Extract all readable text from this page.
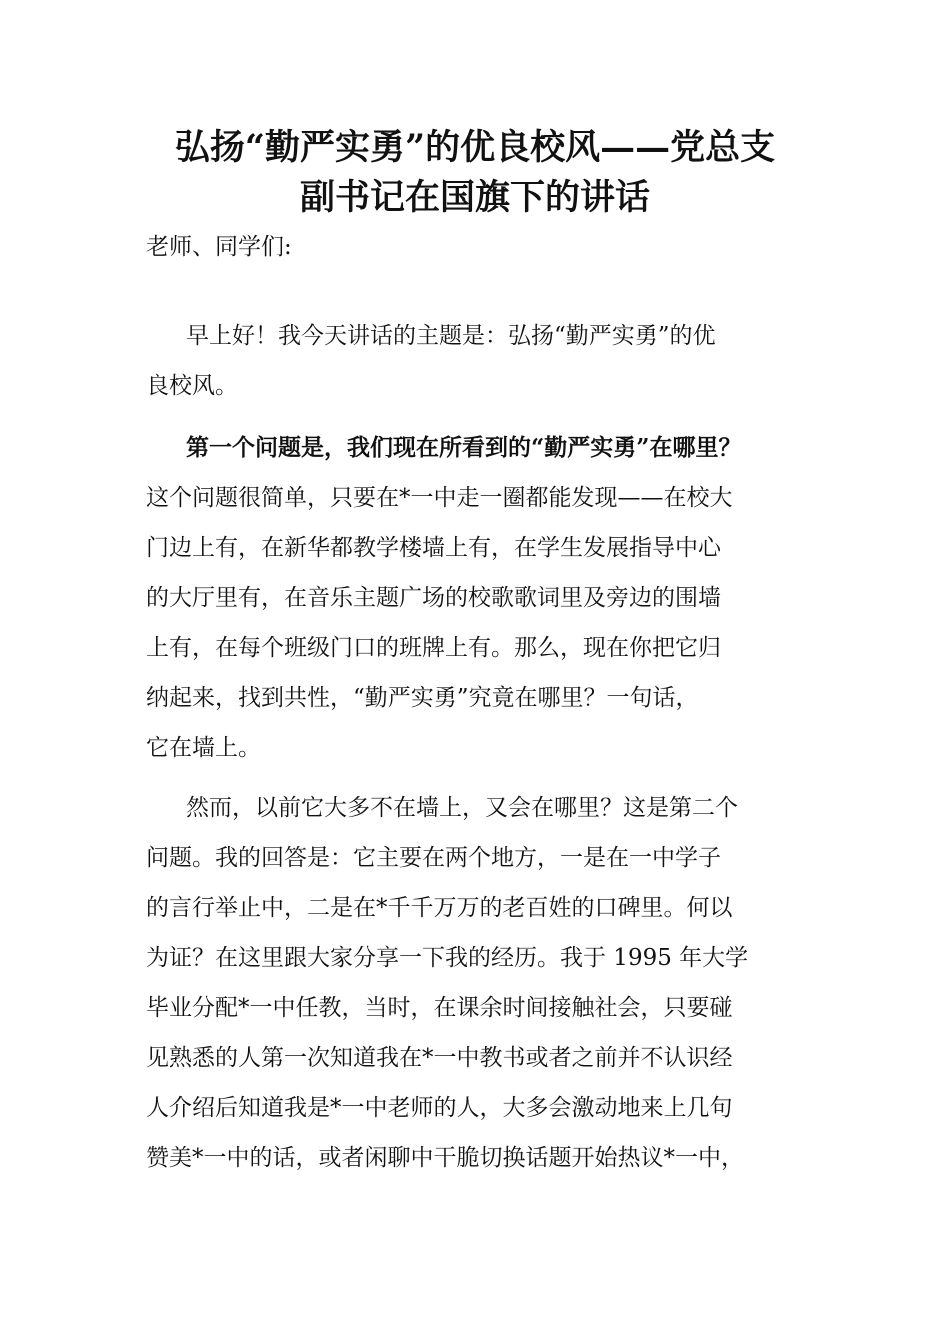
弘扬“勤严实勇”的优良校风——党总支
副书记在国旗下的讲话

老师、同学们:

早上好！我今天讲话的主题是：弘扬“勤严实勇”的优
良校风。

第一个问题是，我们现在所看到的“勤严实勇”在哪里？
这个问题很简单，只要在*一中走一圈都能发现——在校大
门边上有，在新华都教学楼墙上有，在学生发展指导中心
的大厅里有，在音乐主题广场的校歌歌词里及旁边的围墙
上有，在每个班级门口的班牌上有。那么，现在你把它归
纳起来，找到共性，“勤严实勇”究竟在哪里？一句话，
它在墙上。

然而，以前它大多不在墙上，又会在哪里？这是第二个
问题。我的回答是：它主要在两个地方，一是在一中学子
的言行举止中，二是在*千千万万的老百姓的口碑里。何以
为证？在这里跟大家分享一下我的经历。我于 1995 年大学
毕业分配*一中任教，当时，在课余时间接触社会，只要碰
见熟悉的人第一次知道我在*一中教书或者之前并不认识经
人介绍后知道我是*一中老师的人，大多会激动地来上几句
赞美*一中的话，或者闲聊中干脆切换话题开始热议*一中，
